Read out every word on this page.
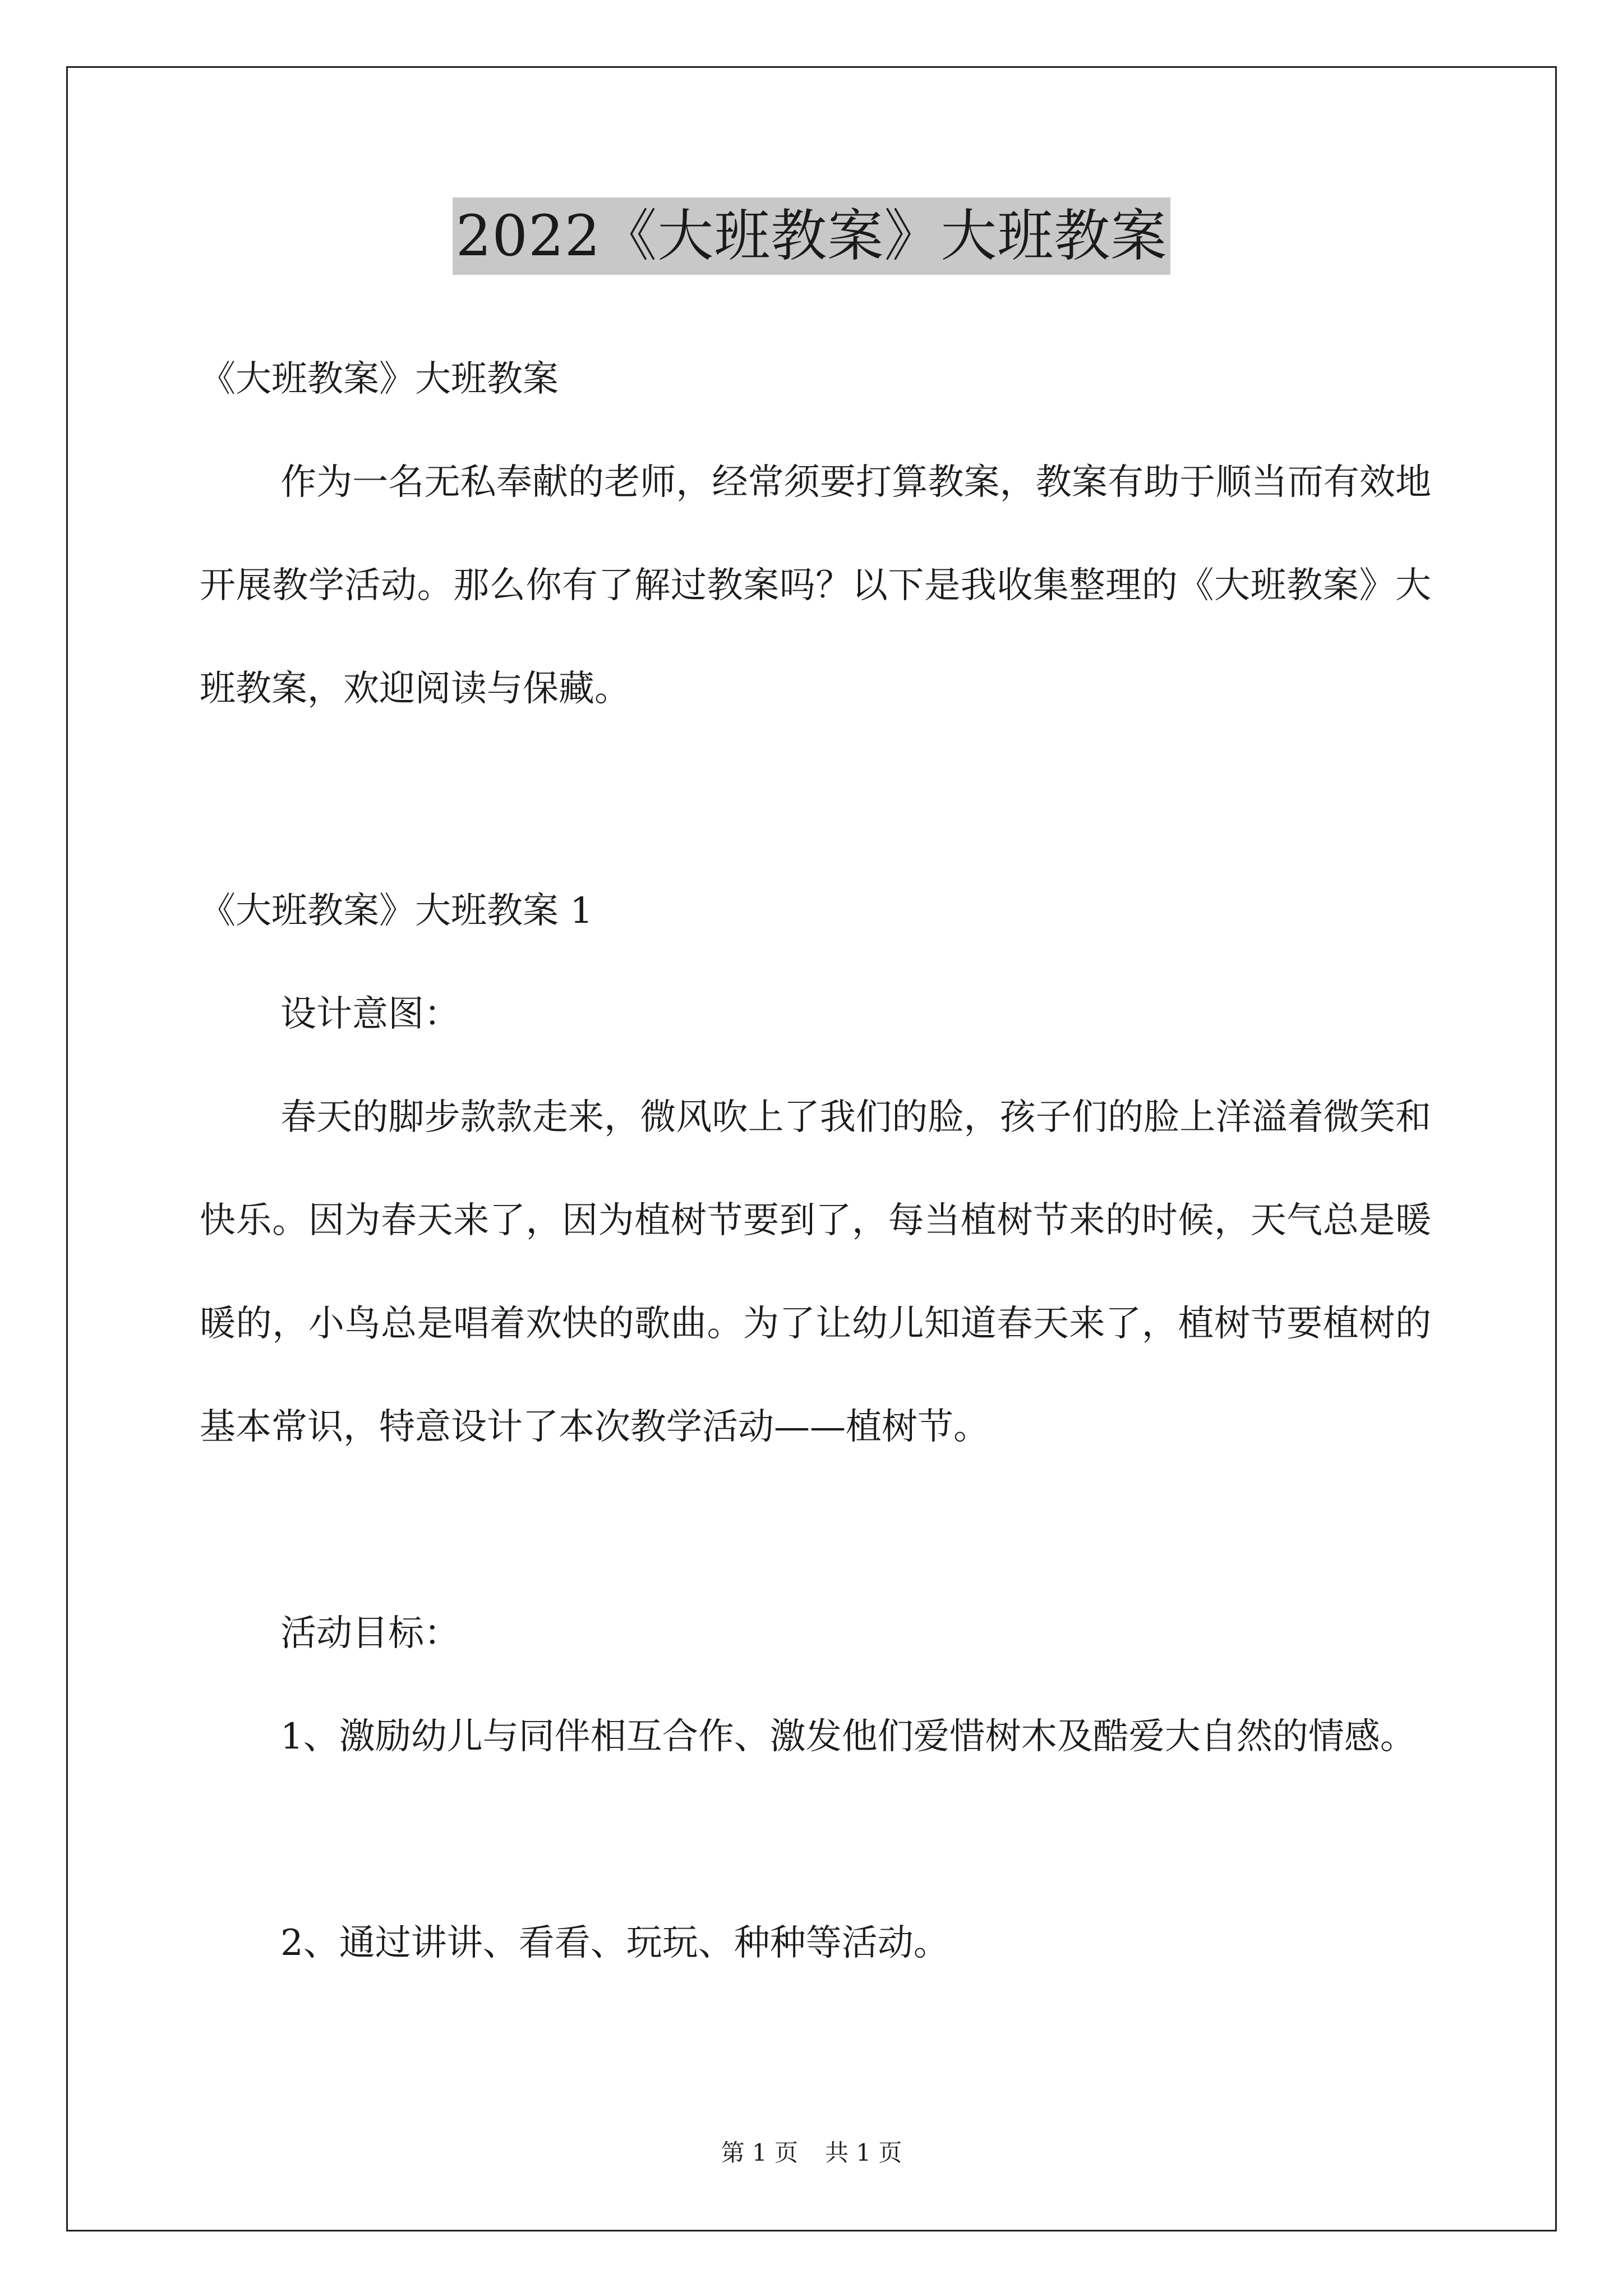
2022《大班教案》大班教案

《大班教案》大班教案

作为一名无私奉献的老师，经常须要打算教案，教案有助于顺当而有效地开展教学活动。那么你有了解过教案吗？以下是我收集整理的《大班教案》大班教案，欢迎阅读与保藏。

《大班教案》大班教案 1

设计意图：

春天的脚步款款走来，微风吹上了我们的脸，孩子们的脸上洋溢着微笑和快乐。因为春天来了，因为植树节要到了，每当植树节来的时候，天气总是暖暖的，小鸟总是唱着欢快的歌曲。为了让幼儿知道春天来了，植树节要植树的基本常识，特意设计了本次教学活动——植树节。

活动目标：

1、激励幼儿与同伴相互合作、激发他们爱惜树木及酷爱大自然的情感。

2、通过讲讲、看看、玩玩、种种等活动。

第 1 页 共 1 页
